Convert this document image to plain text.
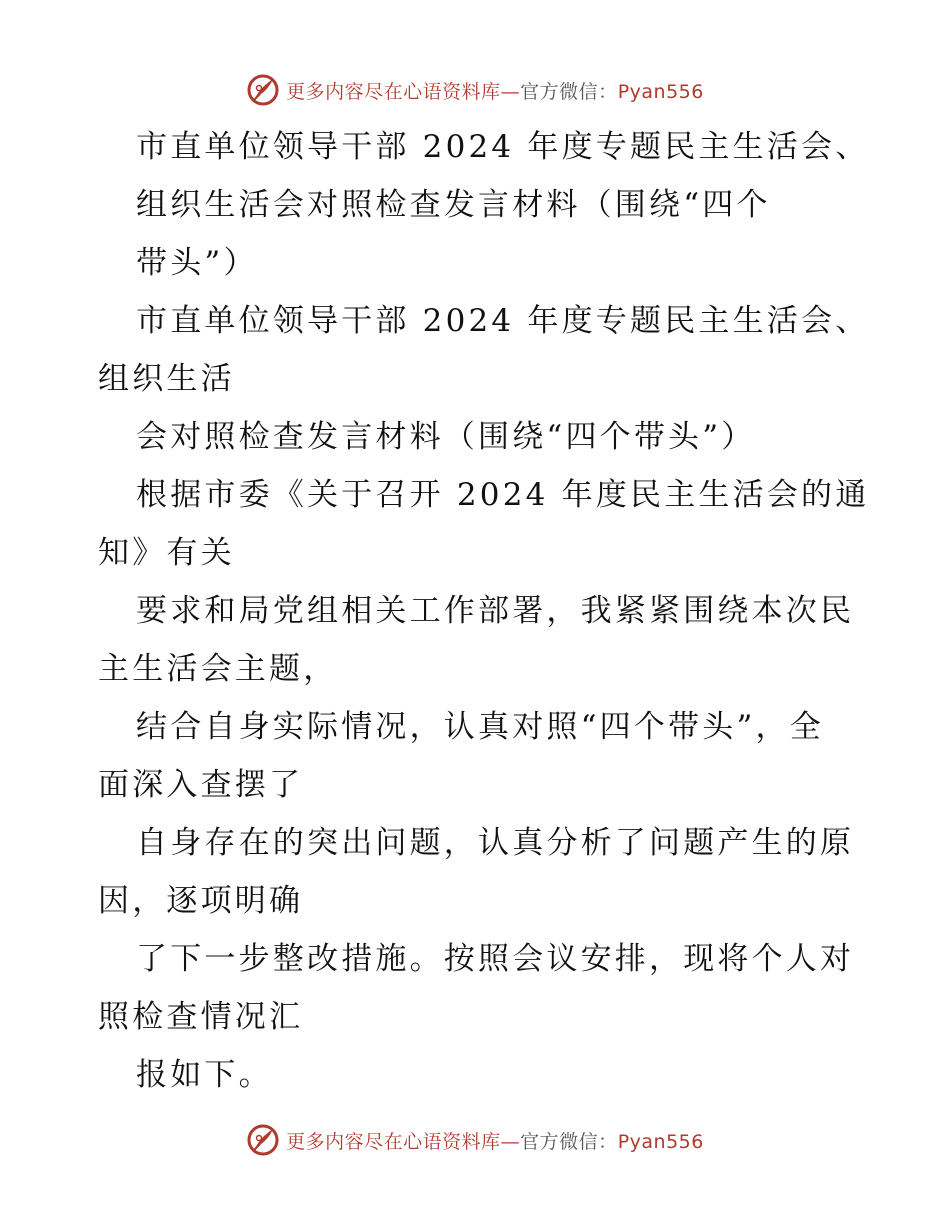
更多内容尽在心语资料库—官方微信：Pyan556
市直单位领导干部 2024 年度专题民主生活会、
组织生活会对照检查发言材料（围绕“四个
带头”）
市直单位领导干部 2024 年度专题民主生活会、
组织生活
会对照检查发言材料（围绕“四个带头”）
根据市委《关于召开 2024 年度民主生活会的通
知》有关
要求和局党组相关工作部署，我紧紧围绕本次民
主生活会主题，
结合自身实际情况，认真对照“四个带头”，全
面深入查摆了
自身存在的突出问题，认真分析了问题产生的原
因，逐项明确
了下一步整改措施。按照会议安排，现将个人对
照检查情况汇
报如下。
更多内容尽在心语资料库—官方微信：Pyan556
